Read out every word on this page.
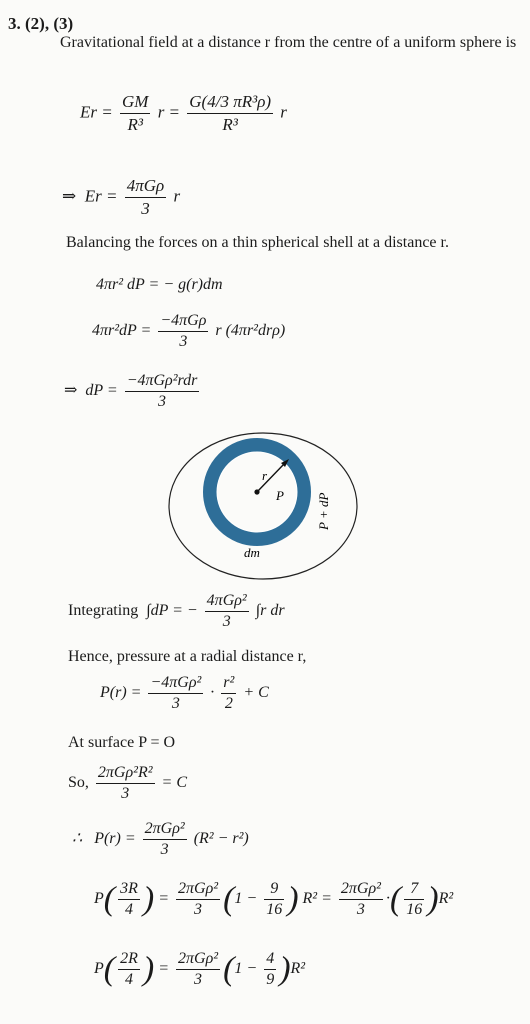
3. (2), (3)
Gravitational field at a distance r from the centre of a uniform sphere is
$Er = \frac{GM}{\text{R³}}$ $r = \frac{\text{G(4/3 πR³ρ)}}{\text{R³}}$ r
⇒ $Er = \frac{\text{4πGρ}}{3}$ r
Balancing the forces on a thin spherical shell at a distance r.
4πr² dP = − g(r)dm
$4\pi r^2dP = \frac{\text{−4πGρ}}{3}$ r (4πr²drρ)
⇒ dP = $\frac{\text{−4πGρ²rdr}}{3}$
r
P P + dP
dm
Integrating ∫dP = − $\frac{\text{4πGρ²}}{3} \int r$ dr
Hence, pressure at a radial distance r,
$P(r) = \frac{\text{−4πGρ²}}{3} \cdot \frac{\text{r²}}{2} + C$
At surface P = O
So, $\frac{\text{2πGρ²R²}}{3} = C$
∴ $P(r) = \frac{\text{2πGρ²}}{3} (R^2 - r^2)$
$P( \frac{3R}{4}$ ) = $\frac{\text{2πGρ²}}{3} (1 - \frac{9}{16}$ ) $R^2 = \frac{\text{2πGρ²}}{3}$ ·( $\frac{7}{16} )R^2$
$P( \frac{2R}{4}$ ) = $\frac{\text{2πGρ²}}{3} (1 - \frac{4}{9} )R^2$
